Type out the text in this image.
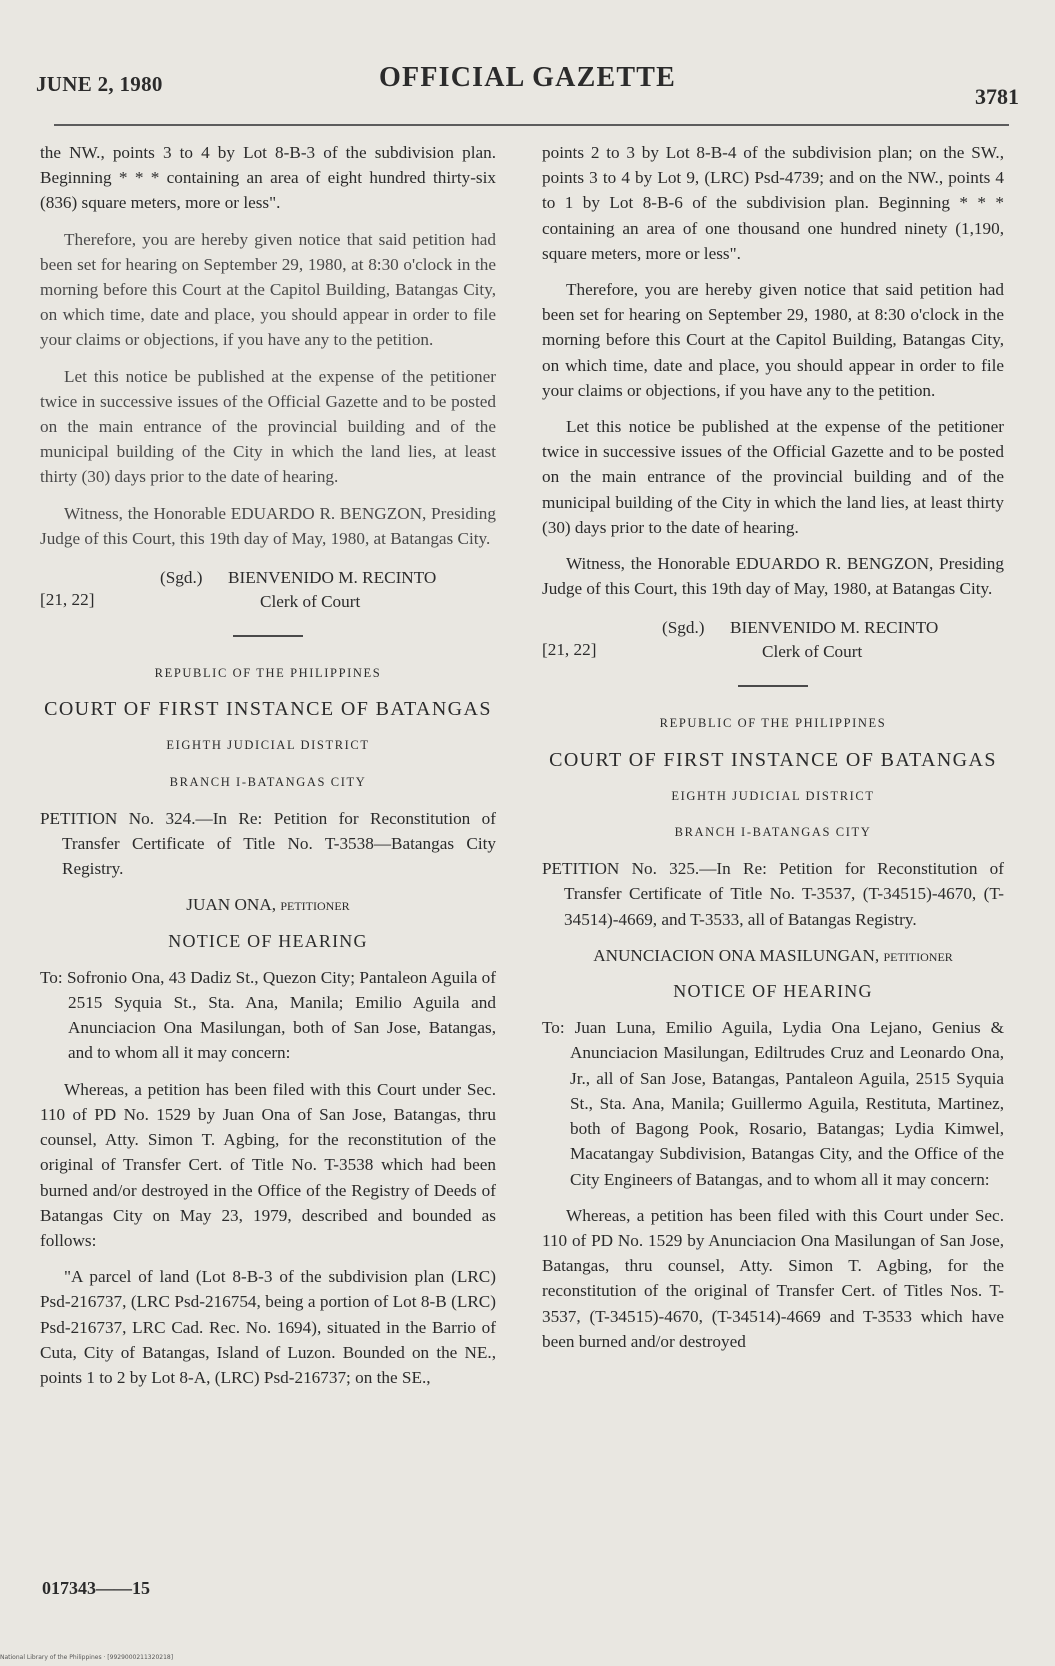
JUNE 2, 1980	OFFICIAL GAZETTE
3781

the NW., points 3 to 4 by Lot 8-B-3 of the subdivision plan. Beginning * * * containing an area of eight hundred thirty-six (836) square meters, more or less".

Therefore, you are hereby given notice that said petition had been set for hearing on September 29, 1980, at 8:30 o'clock in the morning before this Court at the Capitol Building, Batangas City, on which time, date and place, you should appear in order to file your claims or objections, if you have any to the petition.

Let this notice be published at the expense of the petitioner twice in successive issues of the Official Gazette and to be posted on the main entrance of the provincial building and of the municipal building of the City in which the land lies, at least thirty (30) days prior to the date of hearing.

Witness, the Honorable EDUARDO R. BENGZON, Presiding Judge of this Court, this 19th day of May, 1980, at Batangas City.

(Sgd.) BIENVENIDO M. RECINTO
[21, 22]	Clerk of Court

REPUBLIC OF THE PHILIPPINES

COURT OF FIRST INSTANCE OF BATANGAS

EIGHTH JUDICIAL DISTRICT

BRANCH I-BATANGAS CITY

PETITION No. 324.—In Re: Petition for Reconstitution of Transfer Certificate of Title No. T-3538—Batangas City Registry.

JUAN ONA, petitioner

NOTICE OF HEARING

To: Sofronio Ona, 43 Dadiz St., Quezon City; Pantaleon Aguila of 2515 Syquia St., Sta. Ana, Manila; Emilio Aguila and Anunciacion Ona Masilungan, both of San Jose, Batangas, and to whom all it may concern:

Whereas, a petition has been filed with this Court under Sec. 110 of PD No. 1529 by Juan Ona of San Jose, Batangas, thru counsel, Atty. Simon T. Agbing, for the reconstitution of the original of Transfer Cert. of Title No. T-3538 which had been burned and/or destroyed in the Office of the Registry of Deeds of Batangas City on May 23, 1979, described and bounded as follows:

"A parcel of land (Lot 8-B-3 of the subdivision plan (LRC) Psd-216737, (LRC Psd-216754, being a portion of Lot 8-B (LRC) Psd-216737, LRC Cad. Rec. No. 1694), situated in the Barrio of Cuta, City of Batangas, Island of Luzon. Bounded on the NE., points 1 to 2 by Lot 8-A, (LRC) Psd-216737; on the SE.,

points 2 to 3 by Lot 8-B-4 of the subdivision plan; on the SW., points 3 to 4 by Lot 9, (LRC) Psd-4739; and on the NW., points 4 to 1 by Lot 8-B-6 of the subdivision plan. Beginning * * * containing an area of one thousand one hundred ninety (1,190, square meters, more or less".

Therefore, you are hereby given notice that said petition had been set for hearing on September 29, 1980, at 8:30 o'clock in the morning before this Court at the Capitol Building, Batangas City, on which time, date and place, you should appear in order to file your claims or objections, if you have any to the petition.

Let this notice be published at the expense of the petitioner twice in successive issues of the Official Gazette and to be posted on the main entrance of the provincial building and of the municipal building of the City in which the land lies, at least thirty (30) days prior to the date of hearing.

Witness, the Honorable EDUARDO R. BENGZON, Presiding Judge of this Court, this 19th day of May, 1980, at Batangas City.

(Sgd.) BIENVENIDO M. RECINTO
[21, 22]	Clerk of Court

REPUBLIC OF THE PHILIPPINES

COURT OF FIRST INSTANCE OF BATANGAS

EIGHTH JUDICIAL DISTRICT

BRANCH I-BATANGAS CITY

PETITION No. 325.—In Re: Petition for Reconstitution of Transfer Certificate of Title No. T-3537, (T-34515)-4670, (T-34514)-4669, and T-3533, all of Batangas Registry.

ANUNCIACION ONA MASILUNGAN, petitioner

NOTICE OF HEARING

To: Juan Luna, Emilio Aguila, Lydia Ona Lejano, Genius & Anunciacion Masilungan, Ediltrudes Cruz and Leonardo Ona, Jr., all of San Jose, Batangas, Pantaleon Aguila, 2515 Syquia St., Sta. Ana, Manila; Guillermo Aguila, Restituta, Martinez, both of Bagong Pook, Rosario, Batangas; Lydia Kimwel, Macatangay Subdivision, Batangas City, and the Office of the City Engineers of Batangas, and to whom all it may concern:

Whereas, a petition has been filed with this Court under Sec. 110 of PD No. 1529 by Anunciacion Ona Masilungan of San Jose, Batangas, thru counsel, Atty. Simon T. Agbing, for the reconstitution of the original of Transfer Cert. of Titles Nos. T-3537, (T-34515)-4670, (T-34514)-4669 and T-3533 which have been burned and/or destroyed

017343——15
National Library of the Philippines · [9929000211320218]
